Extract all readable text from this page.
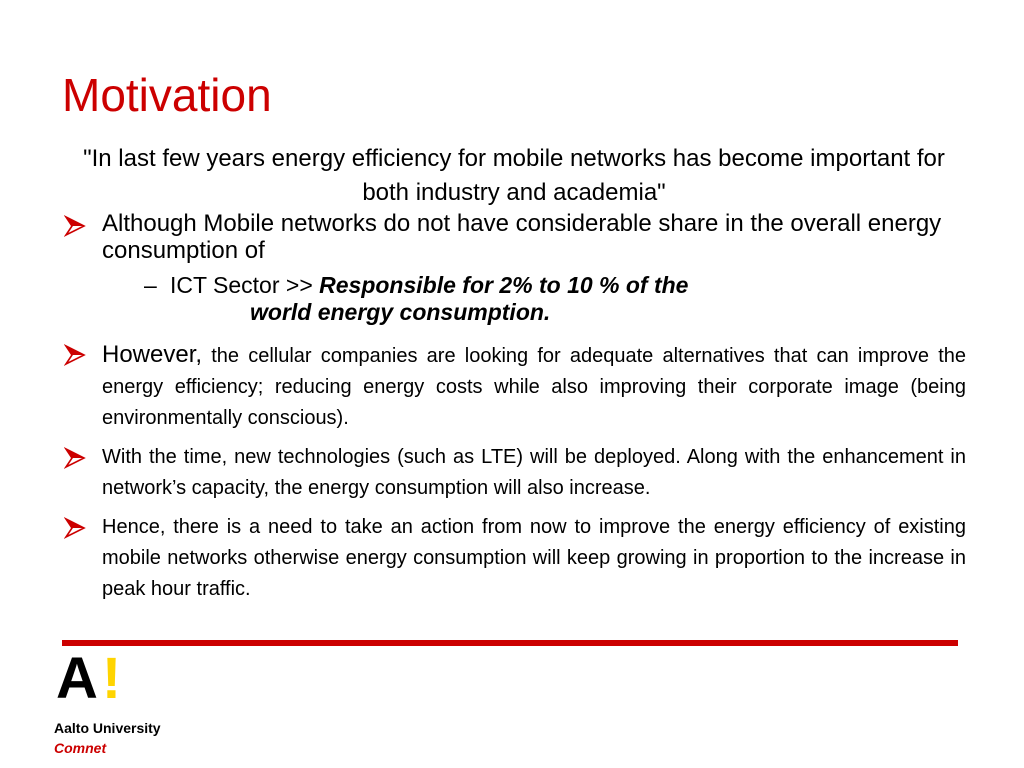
Motivation
"In last few years energy efficiency for mobile networks has become important for both industry and academia"
Although Mobile networks do not have considerable share in the overall energy consumption of
– ICT Sector >> Responsible for 2% to 10 % of the
world energy consumption.
However, the cellular companies are looking for adequate alternatives that can improve the energy efficiency; reducing energy costs while also improving their corporate image (being environmentally conscious).
With the time, new technologies (such as LTE) will be deployed. Along with the enhancement in network’s capacity, the energy consumption will also increase.
Hence, there is a need to take an action from now to improve the energy efficiency of existing mobile networks otherwise energy consumption will keep growing in proportion to the increase in peak hour traffic.
A!
Aalto University
Comnet
